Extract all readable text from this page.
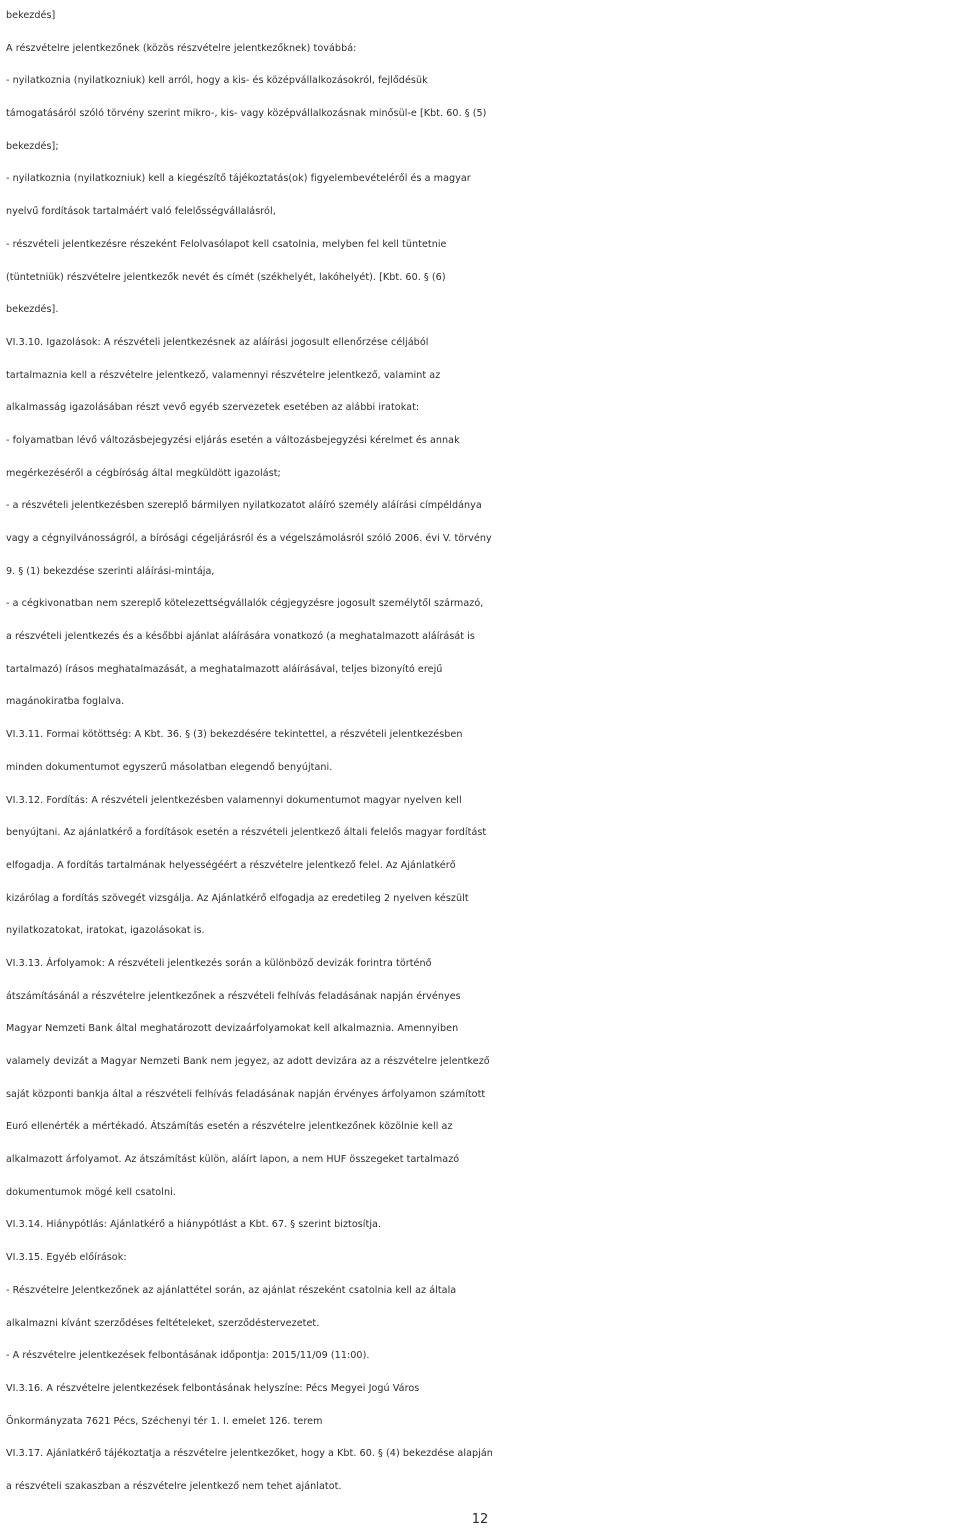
bekezdés]
A részvételre jelentkezőnek (közös részvételre jelentkezőknek) továbbá:
- nyilatkoznia (nyilatkozniuk) kell arról, hogy a kis- és középvállalkozásokról, fejlődésük
támogatásáról szóló törvény szerint mikro-, kis- vagy középvállalkozásnak minősül-e [Kbt. 60. § (5)
bekezdés];
- nyilatkoznia (nyilatkozniuk) kell a kiegészítő tájékoztatás(ok) figyelembevételéről és a magyar
nyelvű fordítások tartalmáért való felelősségvállalásról,
- részvételi jelentkezésre részeként Felolvasólapot kell csatolnia, melyben fel kell tüntetnie
(tüntetniük) részvételre jelentkezők nevét és címét (székhelyét, lakóhelyét). [Kbt. 60. § (6)
bekezdés].
VI.3.10. Igazolások: A részvételi jelentkezésnek az aláírási jogosult ellenőrzése céljából
tartalmaznia kell a részvételre jelentkező, valamennyi részvételre jelentkező, valamint az
alkalmasság igazolásában részt vevő egyéb szervezetek esetében az alábbi iratokat:
- folyamatban lévő változásbejegyzési eljárás esetén a változásbejegyzési kérelmet és annak
megérkezéséről a cégbíróság által megküldött igazolást;
- a részvételi jelentkezésben szereplő bármilyen nyilatkozatot aláíró személy aláírási címpéldánya
vagy a cégnyilvánosságról, a bírósági cégeljárásról és a végelszámolásról szóló 2006. évi V. törvény
9. § (1) bekezdése szerinti aláírási-mintája,
- a cégkivonatban nem szereplő kötelezettségvállalók cégjegyzésre jogosult személytől származó,
a részvételi jelentkezés és a későbbi ajánlat aláírására vonatkozó (a meghatalmazott aláírását is
tartalmazó) írásos meghatalmazását, a meghatalmazott aláírásával, teljes bizonyító erejű
magánokiratba foglalva.
VI.3.11. Formai kötöttség: A Kbt. 36. § (3) bekezdésére tekintettel, a részvételi jelentkezésben
minden dokumentumot egyszerű másolatban elegendő benyújtani.
VI.3.12. Fordítás: A részvételi jelentkezésben valamennyi dokumentumot magyar nyelven kell
benyújtani. Az ajánlatkérő a fordítások esetén a részvételi jelentkező általi felelős magyar fordítást
elfogadja. A fordítás tartalmának helyességéért a részvételre jelentkező felel. Az Ajánlatkérő
kizárólag a fordítás szövegét vizsgálja. Az Ajánlatkérő elfogadja az eredetileg 2 nyelven készült
nyilatkozatokat, iratokat, igazolásokat is.
VI.3.13. Árfolyamok: A részvételi jelentkezés során a különböző devizák forintra történő
átszámításánál a részvételre jelentkezőnek a részvételi felhívás feladásának napján érvényes
Magyar Nemzeti Bank által meghatározott devizaárfolyamokat kell alkalmaznia. Amennyiben
valamely devizát a Magyar Nemzeti Bank nem jegyez, az adott devizára az a részvételre jelentkező
saját központi bankja által a részvételi felhívás feladásának napján érvényes árfolyamon számított
Euró ellenérték a mértékadó. Átszámítás esetén a részvételre jelentkezőnek közölnie kell az
alkalmazott árfolyamot. Az átszámítást külön, aláírt lapon, a nem HUF összegeket tartalmazó
dokumentumok mögé kell csatolni.
VI.3.14. Hiánypótlás: Ajánlatkérő a hiánypótlást a Kbt. 67. § szerint biztosítja.
VI.3.15. Egyéb előírások:
- Részvételre Jelentkezőnek az ajánlattétel során, az ajánlat részeként csatolnia kell az általa
alkalmazni kívánt szerződéses feltételeket, szerződéstervezetet.
- A részvételre jelentkezések felbontásának időpontja: 2015/11/09 (11:00).
VI.3.16. A részvételre jelentkezések felbontásának helyszíne: Pécs Megyei Jogú Város
Önkormányzata 7621 Pécs, Széchenyi tér 1. I. emelet 126. terem
VI.3.17. Ajánlatkérő tájékoztatja a részvételre jelentkezőket, hogy a Kbt. 60. § (4) bekezdése alapján
a részvételi szakaszban a részvételre jelentkező nem tehet ajánlatot.
12
